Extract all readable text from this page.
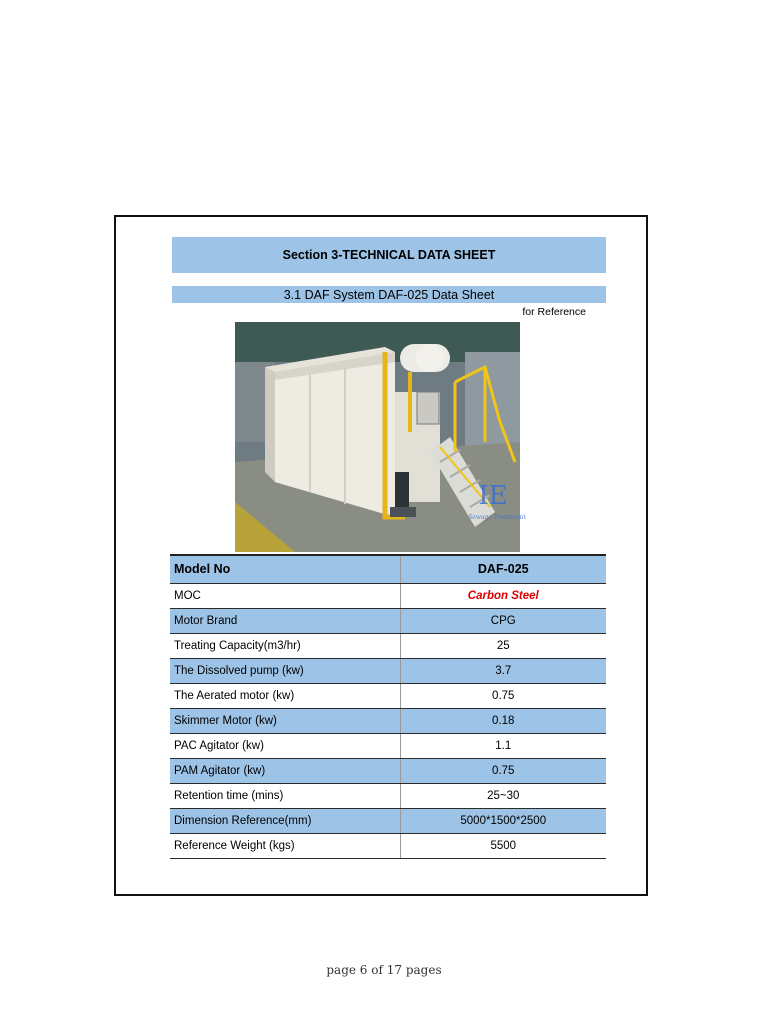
Section 3-TECHNICAL DATA SHEET
3.1 DAF System DAF-025 Data Sheet
for Reference
IE
Sewage Treatment
Model No	DAF-025
MOC	Carbon Steel
Motor Brand	CPG
Treating Capacity(m3/hr)	25
The Dissolved pump (kw)	3.7
The Aerated motor (kw)	0.75
Skimmer Motor (kw)	0.18
PAC Agitator (kw)	1.1
PAM Agitator (kw)	0.75
Retention time (mins)	25~30
Dimension Reference(mm)	5000*1500*2500
Reference Weight (kgs)	5500
page 6 of 17 pages
